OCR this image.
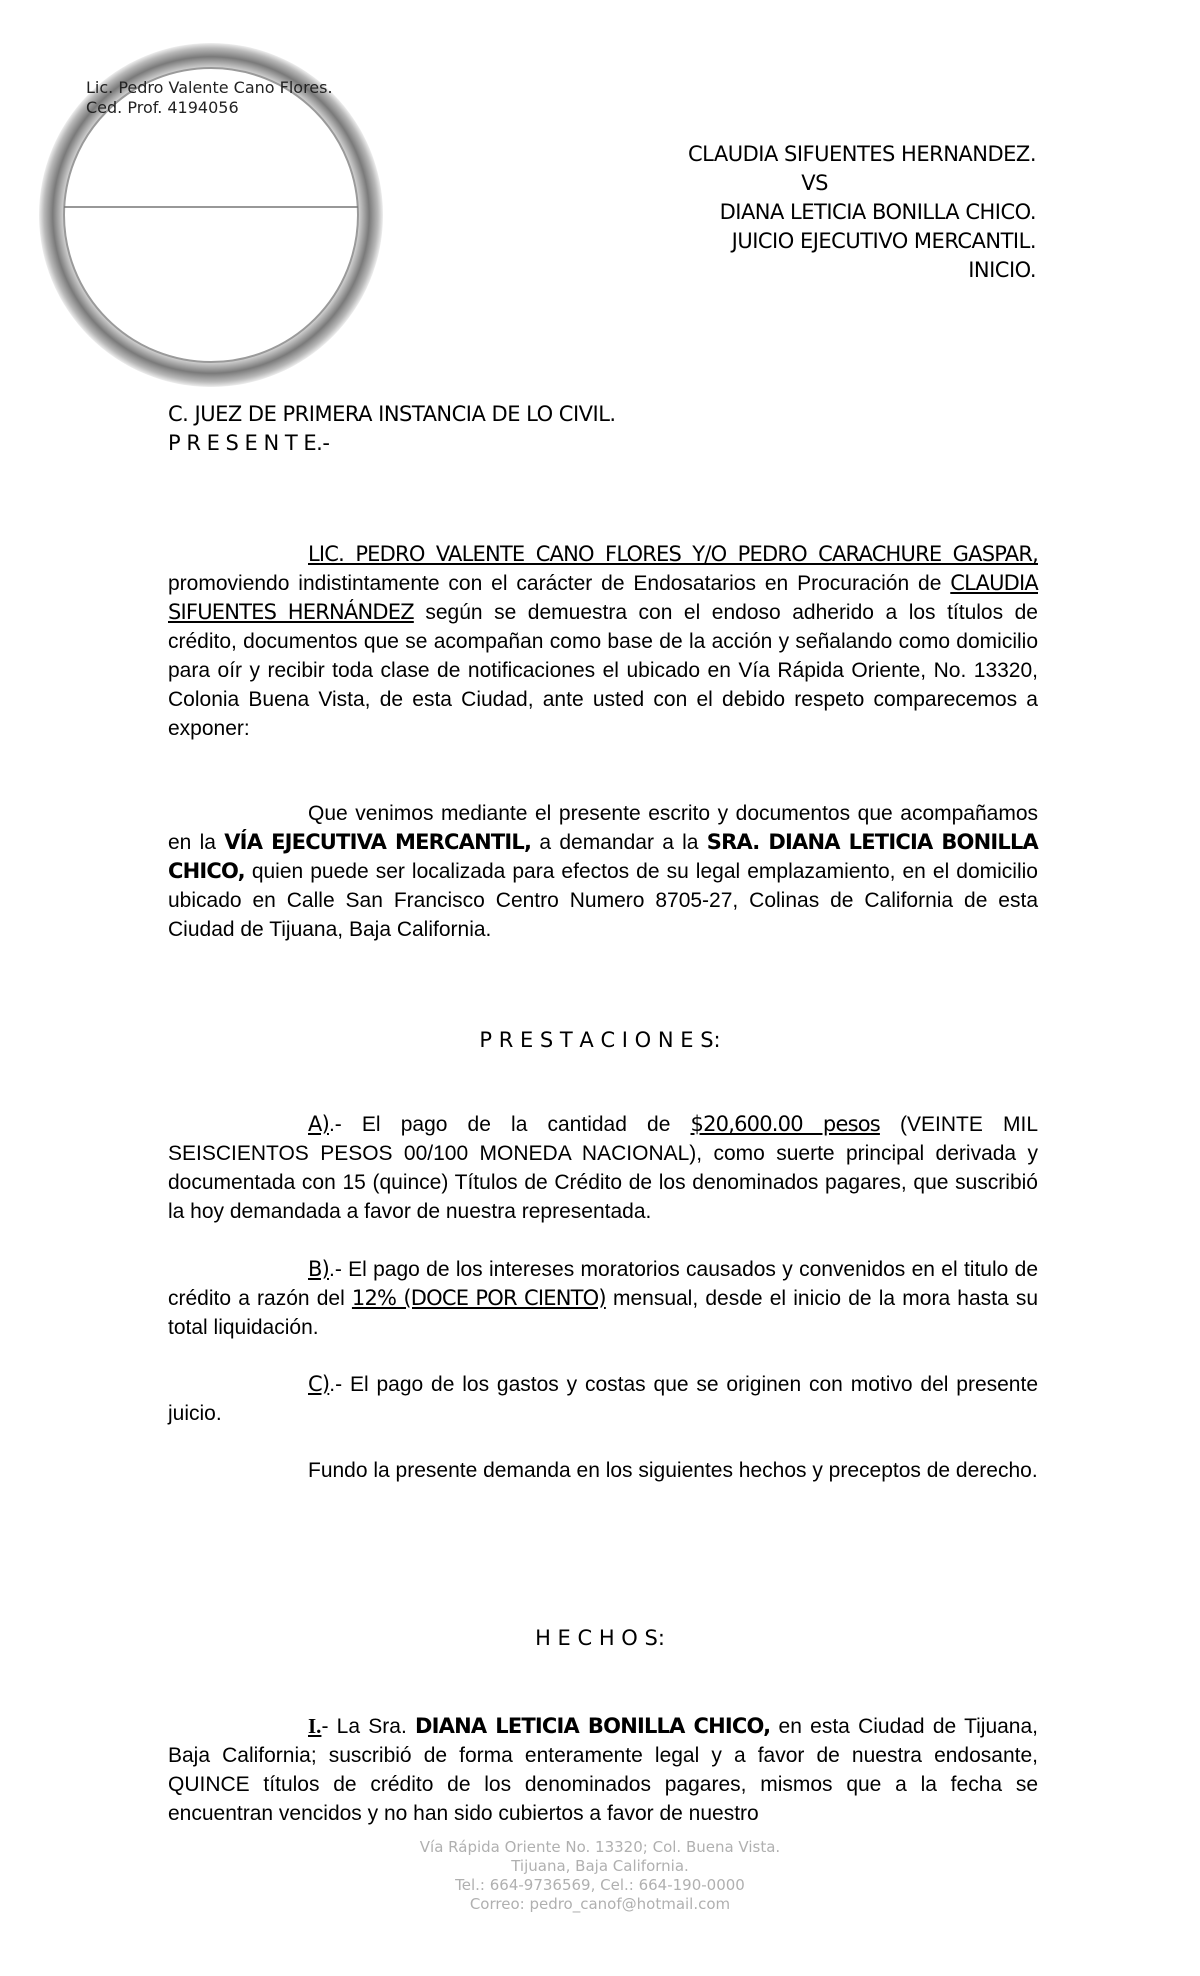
Lic. Pedro Valente Cano Flores.
Ced. Prof. 4194056
CLAUDIA SIFUENTES HERNANDEZ.
VS
DIANA LETICIA BONILLA CHICO.
JUICIO EJECUTIVO MERCANTIL.
INICIO.
C. JUEZ DE PRIMERA INSTANCIA DE LO CIVIL.
P R E S E N T E.-

LIC. PEDRO VALENTE CANO FLORES Y/O PEDRO CARACHURE GASPAR, promoviendo indistintamente con el carácter de Endosatarios en Procuración de CLAUDIA SIFUENTES HERNÁNDEZ según se demuestra con el endoso adherido a los títulos de crédito, documentos que se acompañan como base de la acción y señalando como domicilio para oír y recibir toda clase de notificaciones el ubicado en Vía Rápida Oriente, No. 13320, Colonia Buena Vista, de esta Ciudad, ante usted con el debido respeto comparecemos a exponer:

Que venimos mediante el presente escrito y documentos que acompañamos en la VÍA EJECUTIVA MERCANTIL, a demandar a la SRA. DIANA LETICIA BONILLA CHICO, quien puede ser localizada para efectos de su legal emplazamiento, en el domicilio ubicado en Calle San Francisco Centro Numero 8705-27, Colinas de California de esta Ciudad de Tijuana, Baja California.

P R E S T A C I O N E S:

A).- El pago de la cantidad de $20,600.00 pesos (VEINTE MIL SEISCIENTOS PESOS 00/100 MONEDA NACIONAL), como suerte principal derivada y documentada con 15 (quince) Títulos de Crédito de los denominados pagares, que suscribió la hoy demandada a favor de nuestra representada.

B).- El pago de los intereses moratorios causados y convenidos en el titulo de crédito a razón del 12% (DOCE POR CIENTO) mensual, desde el inicio de la mora hasta su total liquidación.

C).- El pago de los gastos y costas que se originen con motivo del presente juicio.

Fundo la presente demanda en los siguientes hechos y preceptos de derecho.

H E C H O S:

I.- La Sra. DIANA LETICIA BONILLA CHICO, en esta Ciudad de Tijuana, Baja California; suscribió de forma enteramente legal y a favor de nuestra endosante, QUINCE títulos de crédito de los denominados pagares, mismos que a la fecha se encuentran vencidos y no han sido cubiertos a favor de nuestro

Vía Rápida Oriente No. 13320; Col. Buena Vista.
Tijuana, Baja California.
Tel.: 664-9736569, Cel.: 664-190-0000
Correo: pedro_canof@hotmail.com
